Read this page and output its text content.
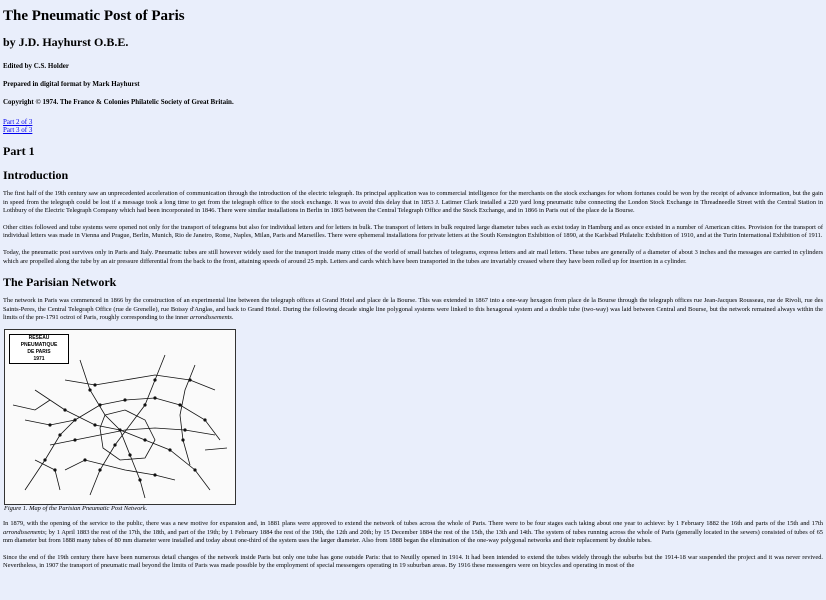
The Pneumatic Post of Paris
by J.D. Hayhurst O.B.E.
Edited by C.S. Holder
Prepared in digital format by Mark Hayhurst
Copyright © 1974. The France & Colonies Philatelic Society of Great Britain.
Part 2 of 3
Part 3 of 3
Part 1
Introduction

The first half of the 19th century saw an unprecedented acceleration of communication through the introduction of the electric telegraph. Its principal application was to commercial intelligence for the merchants on the stock exchanges for whom fortunes could be won by the receipt of advance information, but the gain in speed from the telegraph could be lost if a message took a long time to get from the telegraph office to the stock exchange. It was to avoid this delay that in 1853 J. Latimer Clark installed a 220 yard long pneumatic tube connecting the London Stock Exchange in Threadneedle Street with the Central Station in Lothbury of the Electric Telegraph Company which had been incorporated in 1846. There were similar installations in Berlin in 1865 between the Central Telegraph Office and the Stock Exchange, and in 1866 in Paris out of the place de la Bourse.

Other cities followed and tube systems were opened not only for the transport of telegrams but also for individual letters and for letters in bulk. The transport of letters in bulk required large diameter tubes such as exist today in Hamburg and as once existed in a number of American cities. Provision for the transport of individual letters was made in Vienna and Prague, Berlin, Munich, Rio de Janeiro, Rome, Naples, Milan, Paris and Marseilles. There were ephemeral installations for private letters at the South Kensington Exhibition of 1890, at the Karlsbad Philatelic Exhibition of 1910, and at the Turin International Exhibition of 1911.

Today, the pneumatic post survives only in Paris and Italy. Pneumatic tubes are still however widely used for the transport inside many cities of the world of small batches of telegrams, express letters and air mail letters. These tubes are generally of a diameter of about 3 inches and the messages are carried in cylinders which are propelled along the tube by an air pressure differential from the back to the front, attaining speeds of around 25 mph. Letters and cards which have been transported in the tubes are invariably creased where they have been rolled up for insertion in a cylinder.

The Parisian Network

The network in Paris was commenced in 1866 by the construction of an experimental line between the telegraph offices at Grand Hotel and place de la Bourse. This was extended in 1867 into a one-way hexagon from place de la Bourse through the telegraph offices rue Jean-Jacques Rousseau, rue de Rivoli, rue des Saints-Peres, the Central Telegraph Office (rue de Grenelle), rue Boissy d'Anglas, and back to Grand Hotel. During the following decade single line polygonal systems were linked to this hexagonal system and a double tube (two-way) was laid between Central and Bourse, but the network remained always within the limits of the pre-1791 octroi of Paris, roughly corresponding to the inner arrondissements.

RÉSEAU PNEUMATIQUE
DE PARIS
1971
Figure 1. Map of the Parisian Pneumatic Post Network.

In 1879, with the opening of the service to the public, there was a new motive for expansion and, in 1881 plans were approved to extend the network of tubes across the whole of Paris. There were to be four stages each taking about one year to achieve: by 1 February 1882 the 16th and parts of the 15th and 17th arrondissements; by 1 April 1883 the rest of the 17th, the 18th, and part of the 19th; by 1 February 1884 the rest of the 19th, the 12th and 20th; by 15 December 1884 the rest of the 15th, the 13th and 14th. The system of tubes running across the whole of Paris (generally located in the sewers) consisted of tubes of 65 mm diameter but from 1888 many tubes of 80 mm diameter were installed and today about one-third of the system uses the larger diameter. Also from 1888 began the elimination of the one-way polygonal networks and their replacement by double tubes.

Since the end of the 19th century there have been numerous detail changes of the network inside Paris but only one tube has gone outside Paris: that to Neuilly opened in 1914. It had been intended to extend the tubes widely through the suburbs but the 1914-18 war suspended the project and it was never revived. Nevertheless, in 1907 the transport of pneumatic mail beyond the limits of Paris was made possible by the employment of special messengers operating in 19 suburban areas. By 1916 these messengers were on bicycles and operating in most of the
